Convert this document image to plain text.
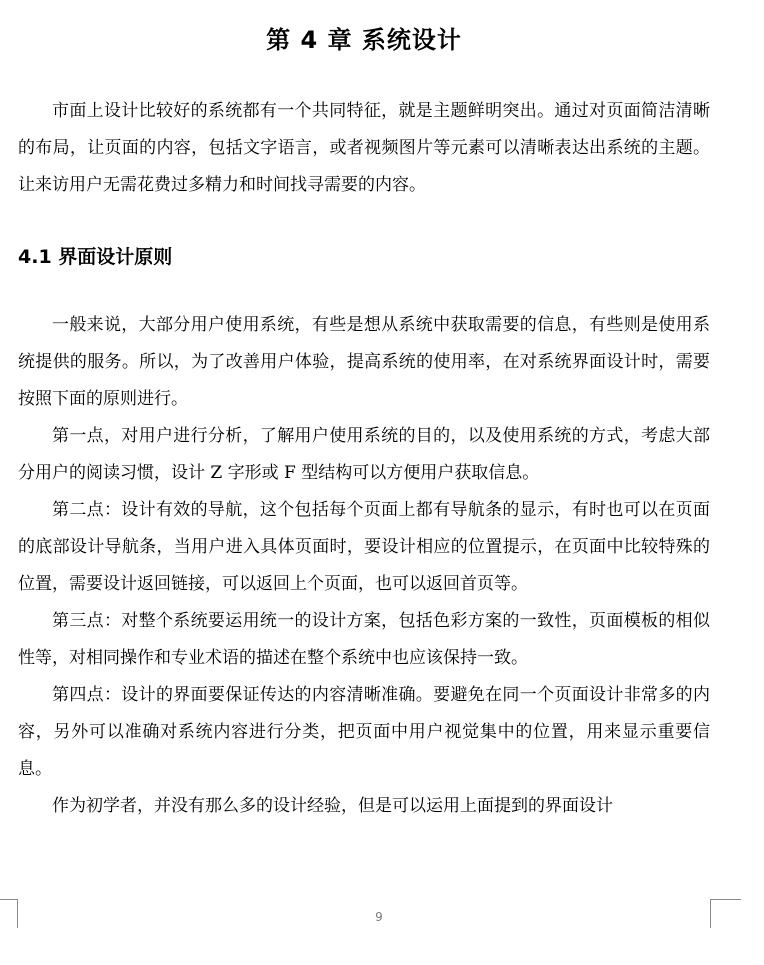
第 4 章 系统设计

市面上设计比较好的系统都有一个共同特征，就是主题鲜明突出。通过对页面简洁清晰的布局，让页面的内容，包括文字语言，或者视频图片等元素可以清晰表达出系统的主题。让来访用户无需花费过多精力和时间找寻需要的内容。

4.1 界面设计原则

一般来说，大部分用户使用系统，有些是想从系统中获取需要的信息，有些则是使用系统提供的服务。所以，为了改善用户体验，提高系统的使用率，在对系统界面设计时，需要按照下面的原则进行。

第一点，对用户进行分析，了解用户使用系统的目的，以及使用系统的方式，考虑大部分用户的阅读习惯，设计 Z 字形或 F 型结构可以方便用户获取信息。

第二点：设计有效的导航，这个包括每个页面上都有导航条的显示，有时也可以在页面的底部设计导航条，当用户进入具体页面时，要设计相应的位置提示，在页面中比较特殊的位置，需要设计返回链接，可以返回上个页面，也可以返回首页等。

第三点：对整个系统要运用统一的设计方案，包括色彩方案的一致性，页面模板的相似性等，对相同操作和专业术语的描述在整个系统中也应该保持一致。

第四点：设计的界面要保证传达的内容清晰准确。要避免在同一个页面设计非常多的内容，另外可以准确对系统内容进行分类，把页面中用户视觉集中的位置，用来显示重要信息。

作为初学者，并没有那么多的设计经验，但是可以运用上面提到的界面设计

9
